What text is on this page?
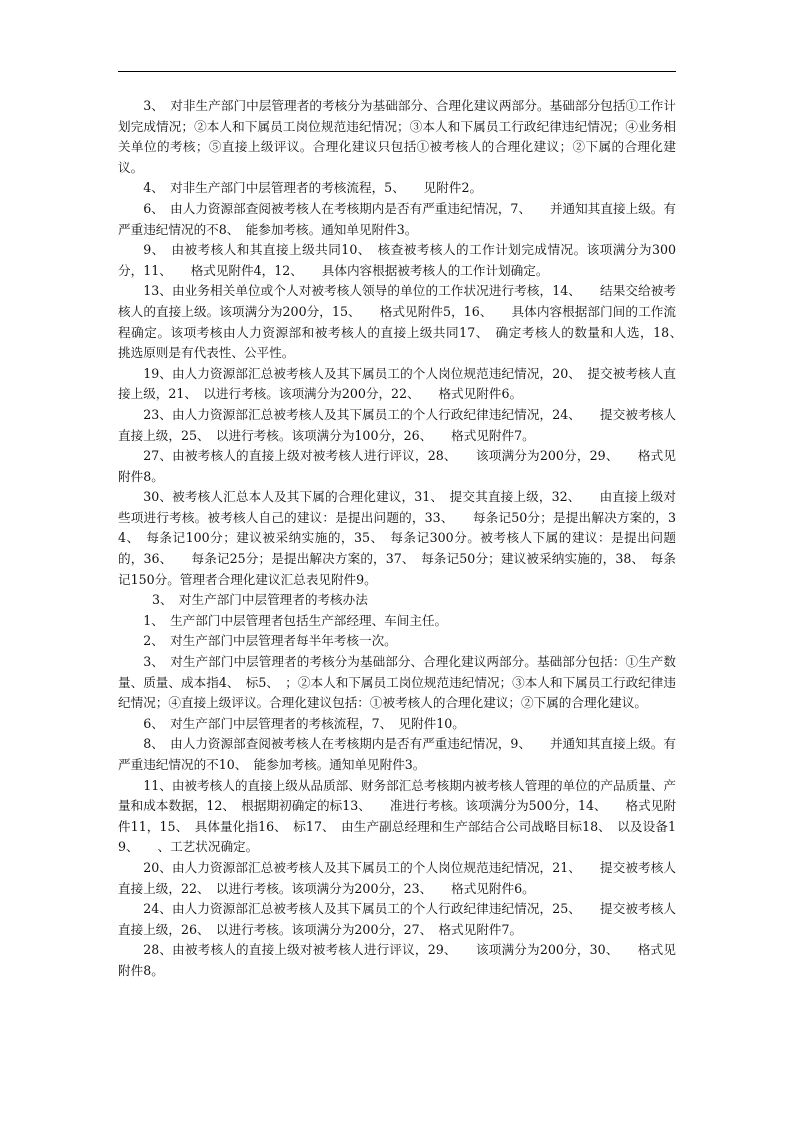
3、　对非生产部门中层管理者的考核分为基础部分、合理化建议两部分。基础部分包括①工作计划完成情况；②本人和下属员工岗位规范违纪情况；③本人和下属员工行政纪律违纪情况；④业务相关单位的考核；⑤直接上级评议。合理化建议只包括①被考核人的合理化建议；②下属的合理化建议。

4、　对非生产部门中层管理者的考核流程，5、　　见附件2。

6、　由人力资源部查阅被考核人在考核期内是否有严重违纪情况，7、　　并通知其直接上级。有严重违纪情况的不8、　能参加考核。通知单见附件3。

9、　由被考核人和其直接上级共同10、　核查被考核人的工作计划完成情况。该项满分为300分，11、　　格式见附件4，12、　　具体内容根据被考核人的工作计划确定。

13、由业务相关单位或个人对被考核人领导的单位的工作状况进行考核，14、　　结果交给被考核人的直接上级。该项满分为200分，15、　　格式见附件5，16、　　具体内容根据部门间的工作流程确定。该项考核由人力资源部和被考核人的直接上级共同17、　确定考核人的数量和人选，18、　　挑选原则是有代表性、公平性。

19、由人力资源部汇总被考核人及其下属员工的个人岗位规范违纪情况，20、　提交被考核人直接上级，21、　以进行考核。该项满分为200分，22、　　格式见附件6。

23、由人力资源部汇总被考核人及其下属员工的个人行政纪律违纪情况，24、　　提交被考核人直接上级，25、　以进行考核。该项满分为100分，26、　　格式见附件7。

27、由被考核人的直接上级对被考核人进行评议，28、　　该项满分为200分，29、　　格式见附件8。

30、被考核人汇总本人及其下属的合理化建议，31、　提交其直接上级，32、　　由直接上级对些项进行考核。被考核人自己的建议：是提出问题的，33、　　每条记50分；是提出解决方案的，34、　每条记100分；建议被采纳实施的，35、　每条记300分。被考核人下属的建议：是提出问题的，36、　　每条记25分；是提出解决方案的，37、　每条记50分；建议被采纳实施的，38、　每条记150分。管理者合理化建议汇总表见附件9。

3、　对生产部门中层管理者的考核办法

1、　生产部门中层管理者包括生产部经理、车间主任。

2、　对生产部门中层管理者每半年考核一次。

3、　对生产部门中层管理者的考核分为基础部分、合理化建议两部分。基础部分包括：①生产数量、质量、成本指4、　标5、　；②本人和下属员工岗位规范违纪情况；③本人和下属员工行政纪律违纪情况；④直接上级评议。合理化建议包括：①被考核人的合理化建议；②下属的合理化建议。

6、　对生产部门中层管理者的考核流程，7、　见附件10。

8、　由人力资源部查阅被考核人在考核期内是否有严重违纪情况，9、　　并通知其直接上级。有严重违纪情况的不10、　能参加考核。通知单见附件3。

11、由被考核人的直接上级从品质部、财务部汇总考核期内被考核人管理的单位的产品质量、产量和成本数据，12、　根据期初确定的标13、　　准进行考核。该项满分为500分，14、　　格式见附件11，15、　具体量化指16、　标17、　由生产副总经理和生产部结合公司战略目标18、　以及设备19、　　、工艺状况确定。

20、由人力资源部汇总被考核人及其下属员工的个人岗位规范违纪情况，21、　　提交被考核人直接上级，22、　以进行考核。该项满分为200分，23、　　格式见附件6。

24、由人力资源部汇总被考核人及其下属员工的个人行政纪律违纪情况，25、　　提交被考核人直接上级，26、　以进行考核。该项满分为200分，27、　格式见附件7。

28、由被考核人的直接上级对被考核人进行评议，29、　　该项满分为200分，30、　　格式见附件8。
